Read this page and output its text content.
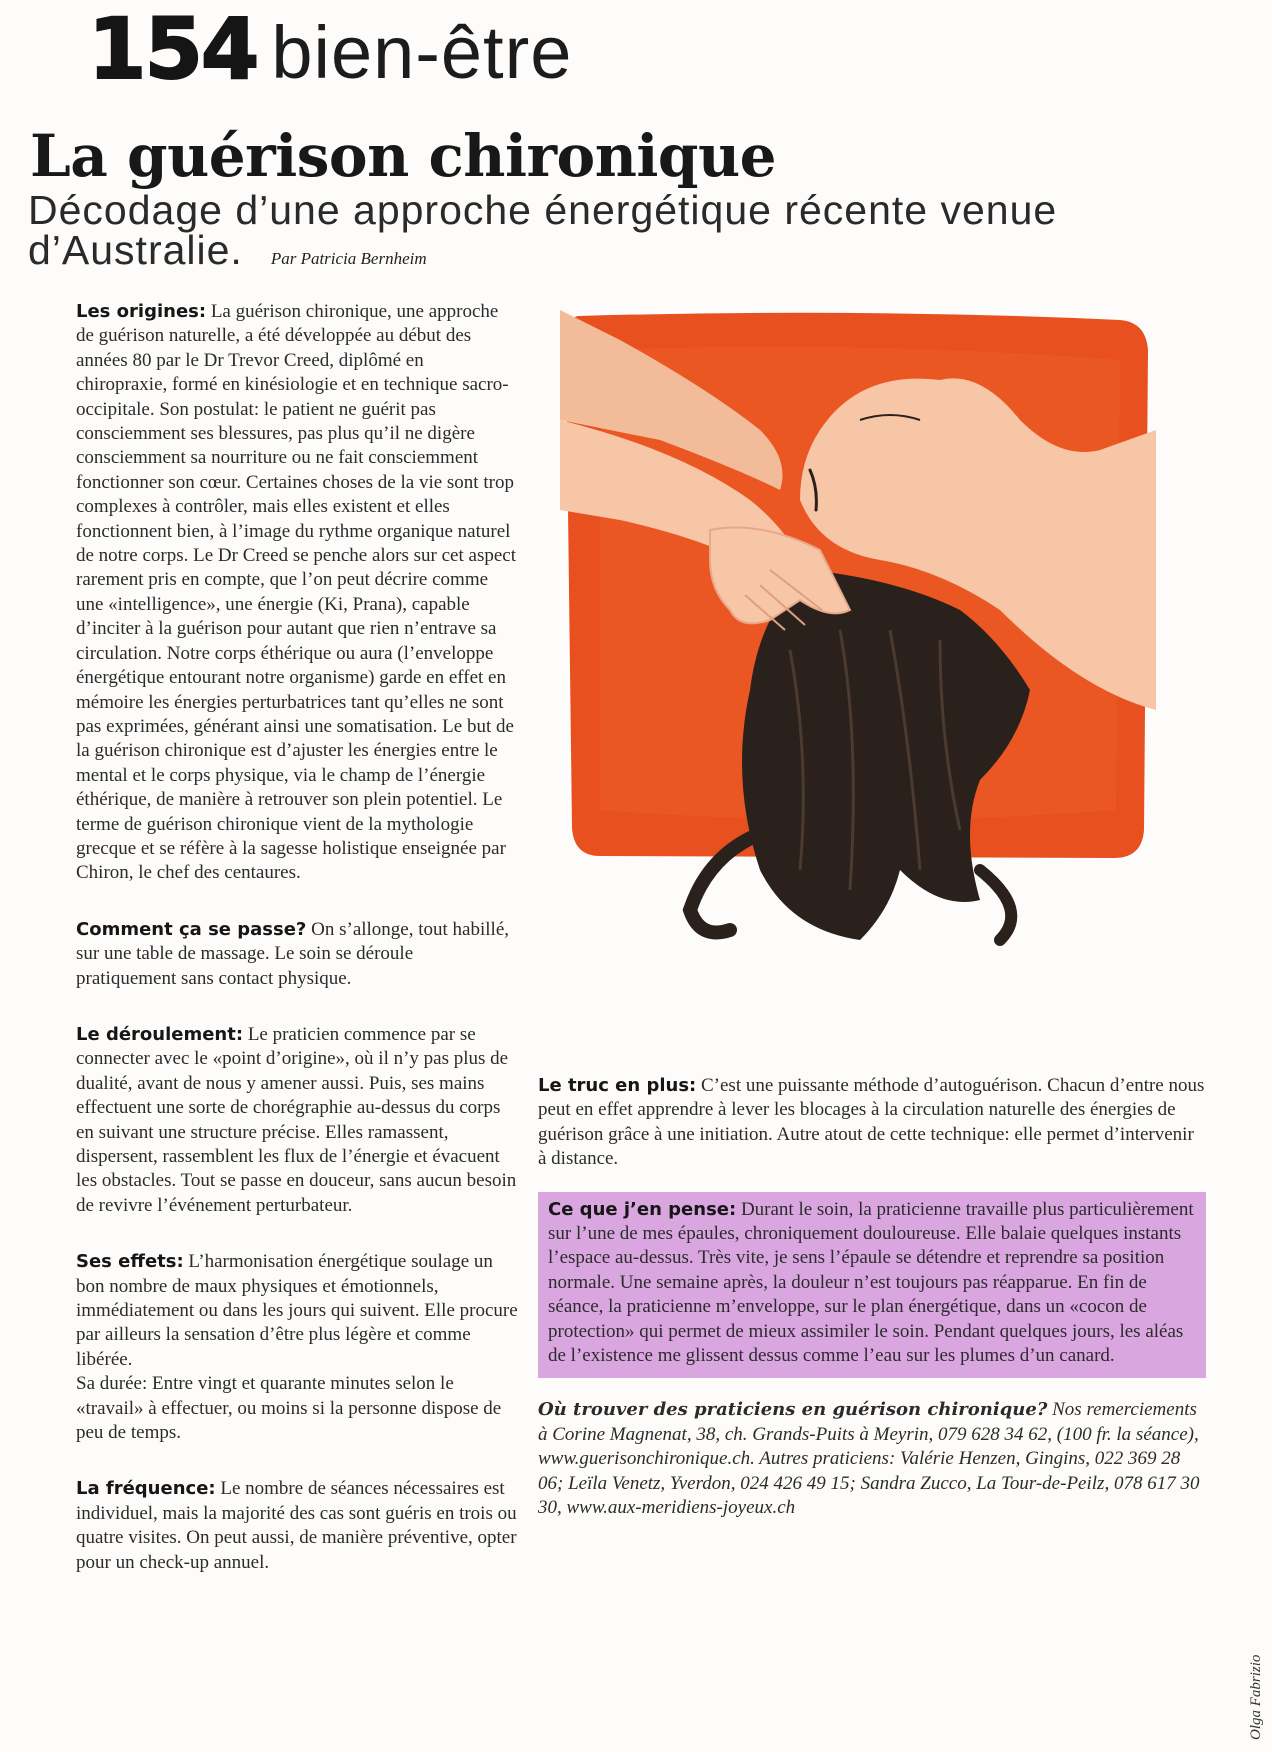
154 bien-être
La guérison chironique

Décodage d’une approche énergétique récente venue d’Australie. Par Patricia Bernheim

Les origines: La guérison chironique, une approche de guérison naturelle, a été développée au début des années 80 par le Dr Trevor Creed, diplômé en chiropraxie, formé en kinésiologie et en technique sacro-occipitale. Son postulat: le patient ne guérit pas consciemment ses blessures, pas plus qu’il ne digère consciemment sa nourriture ou ne fait consciemment fonctionner son cœur. Certaines choses de la vie sont trop complexes à contrôler, mais elles existent et elles fonctionnent bien, à l’image du rythme organique naturel de notre corps. Le Dr Creed se penche alors sur cet aspect rarement pris en compte, que l’on peut décrire comme une «intelligence», une énergie (Ki, Prana), capable d’inciter à la guérison pour autant que rien n’entrave sa circulation. Notre corps éthérique ou aura (l’enveloppe énergétique entourant notre organisme) garde en effet en mémoire les énergies perturbatrices tant qu’elles ne sont pas exprimées, générant ainsi une somatisation. Le but de la guérison chironique est d’ajuster les énergies entre le mental et le corps physique, via le champ de l’énergie éthérique, de manière à retrouver son plein potentiel. Le terme de guérison chironique vient de la mythologie grecque et se réfère à la sagesse holistique enseignée par Chiron, le chef des centaures.

Comment ça se passe? On s’allonge, tout habillé, sur une table de massage. Le soin se déroule pratiquement sans contact physique.

Le déroulement: Le praticien commence par se connecter avec le «point d’origine», où il n’y pas plus de dualité, avant de nous y amener aussi. Puis, ses mains effectuent une sorte de chorégraphie au-dessus du corps en suivant une structure précise. Elles ramassent, dispersent, rassemblent les flux de l’énergie et évacuent les obstacles. Tout se passe en douceur, sans aucun besoin de revivre l’événement perturbateur.

Ses effets: L’harmonisation énergétique soulage un bon nombre de maux physiques et émotionnels, immédiatement ou dans les jours qui suivent. Elle procure par ailleurs la sensation d’être plus légère et comme libérée.

Sa durée: Entre vingt et quarante minutes selon le «travail» à effectuer, ou moins si la personne dispose de peu de temps.

La fréquence: Le nombre de séances nécessaires est individuel, mais la majorité des cas sont guéris en trois ou quatre visites. On peut aussi, de manière préventive, opter pour un check-up annuel.

Le truc en plus: C’est une puissante méthode d’autoguérison. Chacun d’entre nous peut en effet apprendre à lever les blocages à la circulation naturelle des énergies de guérison grâce à une initiation. Autre atout de cette technique: elle permet d’intervenir à distance.

Ce que j’en pense: Durant le soin, la praticienne travaille plus particulièrement sur l’une de mes épaules, chroniquement douloureuse. Elle balaie quelques instants l’espace au-dessus. Très vite, je sens l’épaule se détendre et reprendre sa position normale. Une semaine après, la douleur n’est toujours pas réapparue. En fin de séance, la praticienne m’enveloppe, sur le plan énergétique, dans un «cocon de protection» qui permet de mieux assimiler le soin. Pendant quelques jours, les aléas de l’existence me glissent dessus comme l’eau sur les plumes d’un canard.

Où trouver des praticiens en guérison chironique? Nos remerciements à Corine Magnenat, 38, ch. Grands-Puits à Meyrin, 079 628 34 62, (100 fr. la séance), www.guerisonchironique.ch. Autres praticiens: Valérie Henzen, Gingins, 022 369 28 06; Leïla Venetz, Yverdon, 024 426 49 15; Sandra Zucco, La Tour-de-Peilz, 078 617 30 30, www.aux-meridiens-joyeux.ch

Olga Fabrizio
